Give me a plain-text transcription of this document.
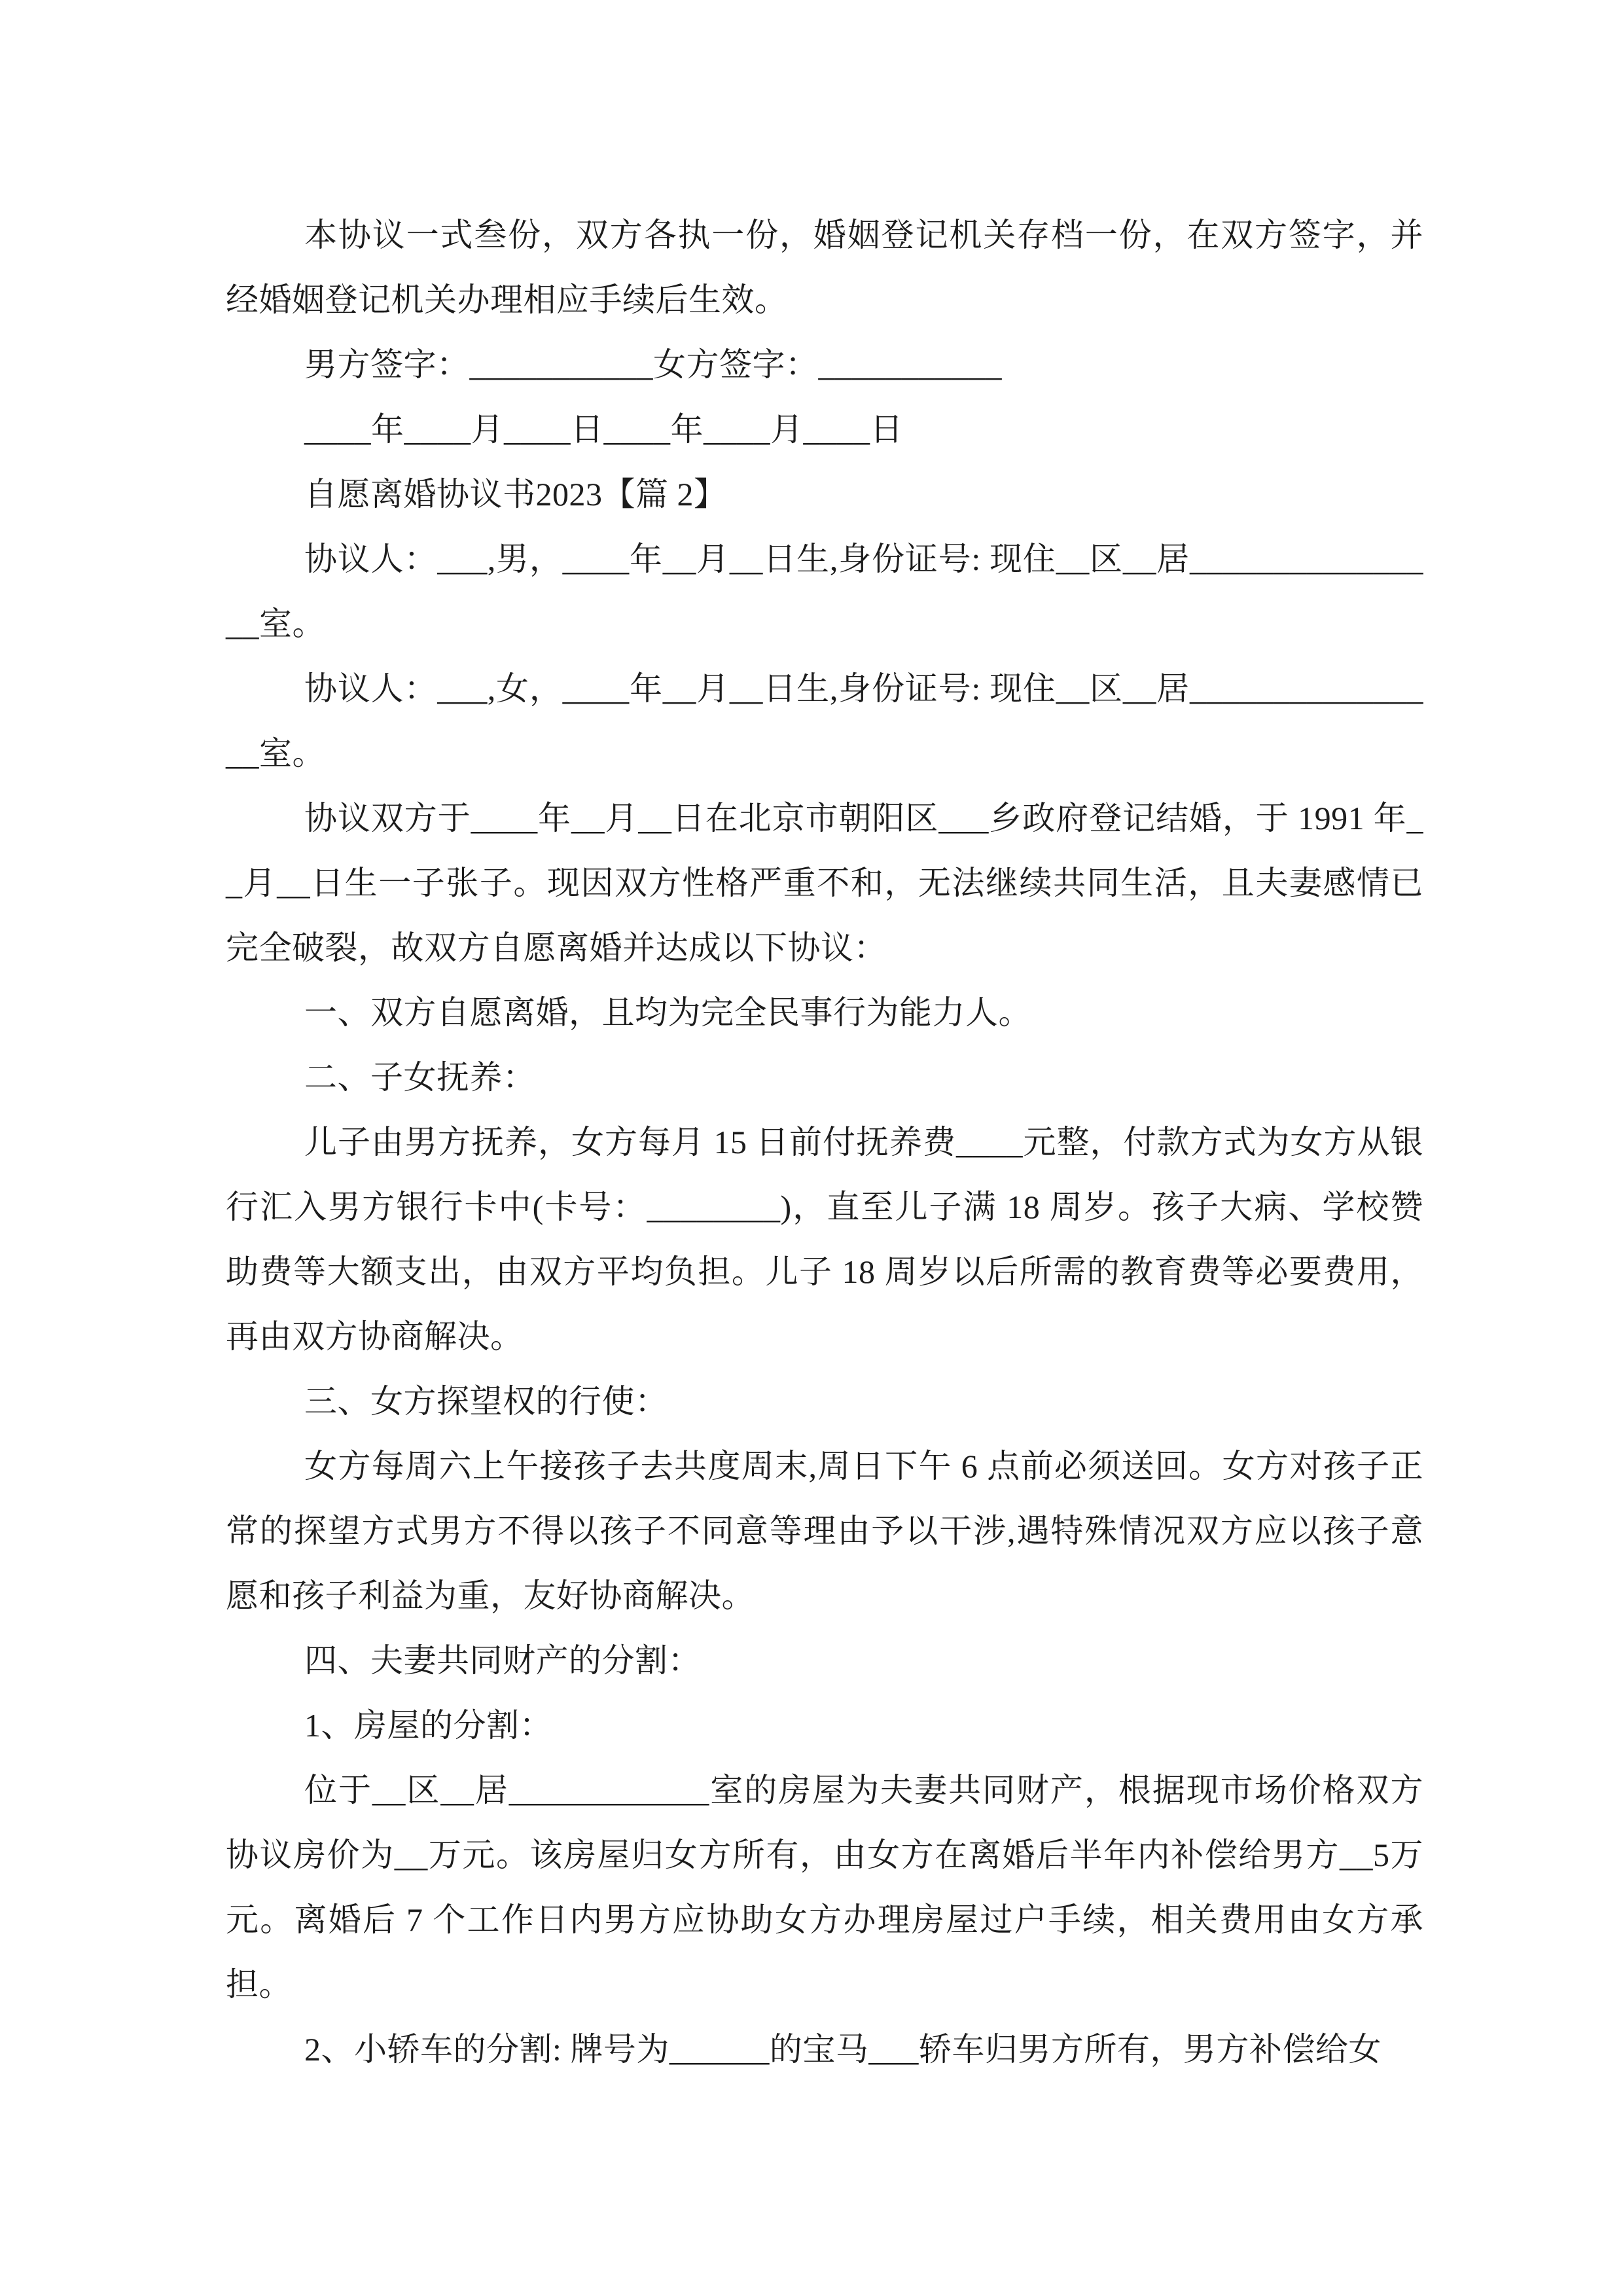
本协议一式叁份，双方各执一份，婚姻登记机关存档一份，在双方签字，并经婚姻登记机关办理相应手续后生效。

男方签字：___________女方签字：___________

____年____月____日____年____月____日

自愿离婚协议书2023【篇 2】

协议人：___,男，____年__月__日生,身份证号: 现住__区__居________________室。

协议人：___,女，____年__月__日生,身份证号: 现住__区__居________________室。

协议双方于____年__月__日在北京市朝阳区___乡政府登记结婚，于 1991 年__月__日生一子张子。现因双方性格严重不和，无法继续共同生活，且夫妻感情已完全破裂，故双方自愿离婚并达成以下协议：

一、双方自愿离婚，且均为完全民事行为能力人。

二、子女抚养：

儿子由男方抚养，女方每月 15 日前付抚养费____元整，付款方式为女方从银行汇入男方银行卡中(卡号：________)，直至儿子满 18 周岁。孩子大病、学校赞助费等大额支出，由双方平均负担。儿子 18 周岁以后所需的教育费等必要费用，再由双方协商解决。

三、女方探望权的行使：

女方每周六上午接孩子去共度周末,周日下午 6 点前必须送回。女方对孩子正常的探望方式男方不得以孩子不同意等理由予以干涉,遇特殊情况双方应以孩子意愿和孩子利益为重，友好协商解决。

四、夫妻共同财产的分割：

1、房屋的分割：

位于__区__居____________室的房屋为夫妻共同财产，根据现市场价格双方协议房价为__万元。该房屋归女方所有，由女方在离婚后半年内补偿给男方__5万元。离婚后 7 个工作日内男方应协助女方办理房屋过户手续，相关费用由女方承担。

2、小轿车的分割: 牌号为______的宝马___轿车归男方所有，男方补偿给女
